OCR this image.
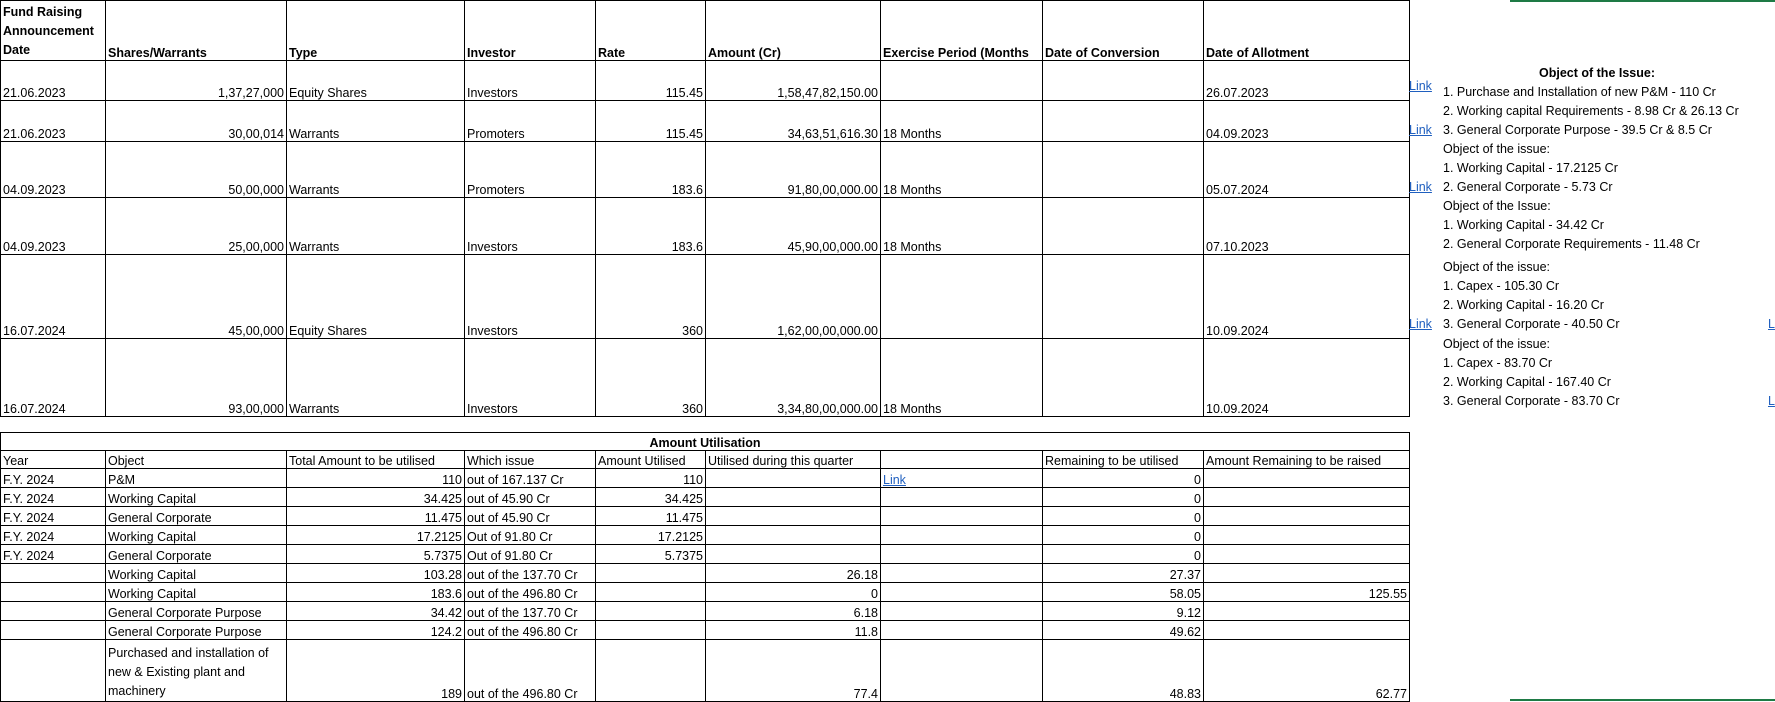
Fund Raising
Announcement
Date	Shares/Warrants	Type	Investor	Rate	Amount (Cr)	Exercise Period (Months	Date of Conversion	Date of Allotment
21.06.2023	1,37,27,000	Equity Shares	Investors	115.45	1,58,47,82,150.00			26.07.2023
21.06.2023	30,00,014	Warrants	Promoters	115.45	34,63,51,616.30	18 Months		04.09.2023
04.09.2023	50,00,000	Warrants	Promoters	183.6	91,80,00,000.00	18 Months		05.07.2024
04.09.2023	25,00,000	Warrants	Investors	183.6	45,90,00,000.00	18 Months		07.10.2023
16.07.2024	45,00,000	Equity Shares	Investors	360	1,62,00,00,000.00			10.09.2024
16.07.2024	93,00,000	Warrants	Investors	360	3,34,80,00,000.00	18 Months		10.09.2024
Object of the Issue:
Link 1. Purchase and Installation of new P&M - 110 Cr
2. Working capital Requirements - 8.98 Cr & 26.13 Cr
Link 3. General Corporate Purpose - 39.5 Cr & 8.5 Cr
Object of the issue:
1. Working Capital - 17.2125 Cr
Link 2. General Corporate - 5.73 Cr
Object of the Issue:
1. Working Capital - 34.42 Cr
2. General Corporate Requirements - 11.48 Cr
Object of the issue:
1. Capex - 105.30 Cr
2. Working Capital - 16.20 Cr
Link 3. General Corporate - 40.50 Cr	L
Object of the issue:
1. Capex - 83.70 Cr
2. Working Capital - 167.40 Cr
3. General Corporate - 83.70 Cr	L
Amount Utilisation								
Year	Object	Total Amount to be utilised	Which issue	Amount Utilised	Utilised during this quarter		Remaining to be utilised	Amount Remaining to be raised
F.Y. 2024	P&M	110	out of 167.137 Cr	110		Link	0	
F.Y. 2024	Working Capital	34.425	out of 45.90 Cr	34.425			0	
F.Y. 2024	General Corporate	11.475	out of 45.90 Cr	11.475			0	
F.Y. 2024	Working Capital	17.2125	Out of 91.80 Cr	17.2125			0	
F.Y. 2024	General Corporate	5.7375	Out of 91.80 Cr	5.7375			0	
	Working Capital	103.28	out of the 137.70 Cr		26.18		27.37	
	Working Capital	183.6	out of the 496.80 Cr		0		58.05	125.55
	General Corporate Purpose	34.42	out of the 137.70 Cr		6.18		9.12	
	General Corporate Purpose	124.2	out of the 496.80 Cr		11.8		49.62	
	Purchased and installation of new & Existing plant and machinery	189	out of the 496.80 Cr		77.4		48.83	62.77
